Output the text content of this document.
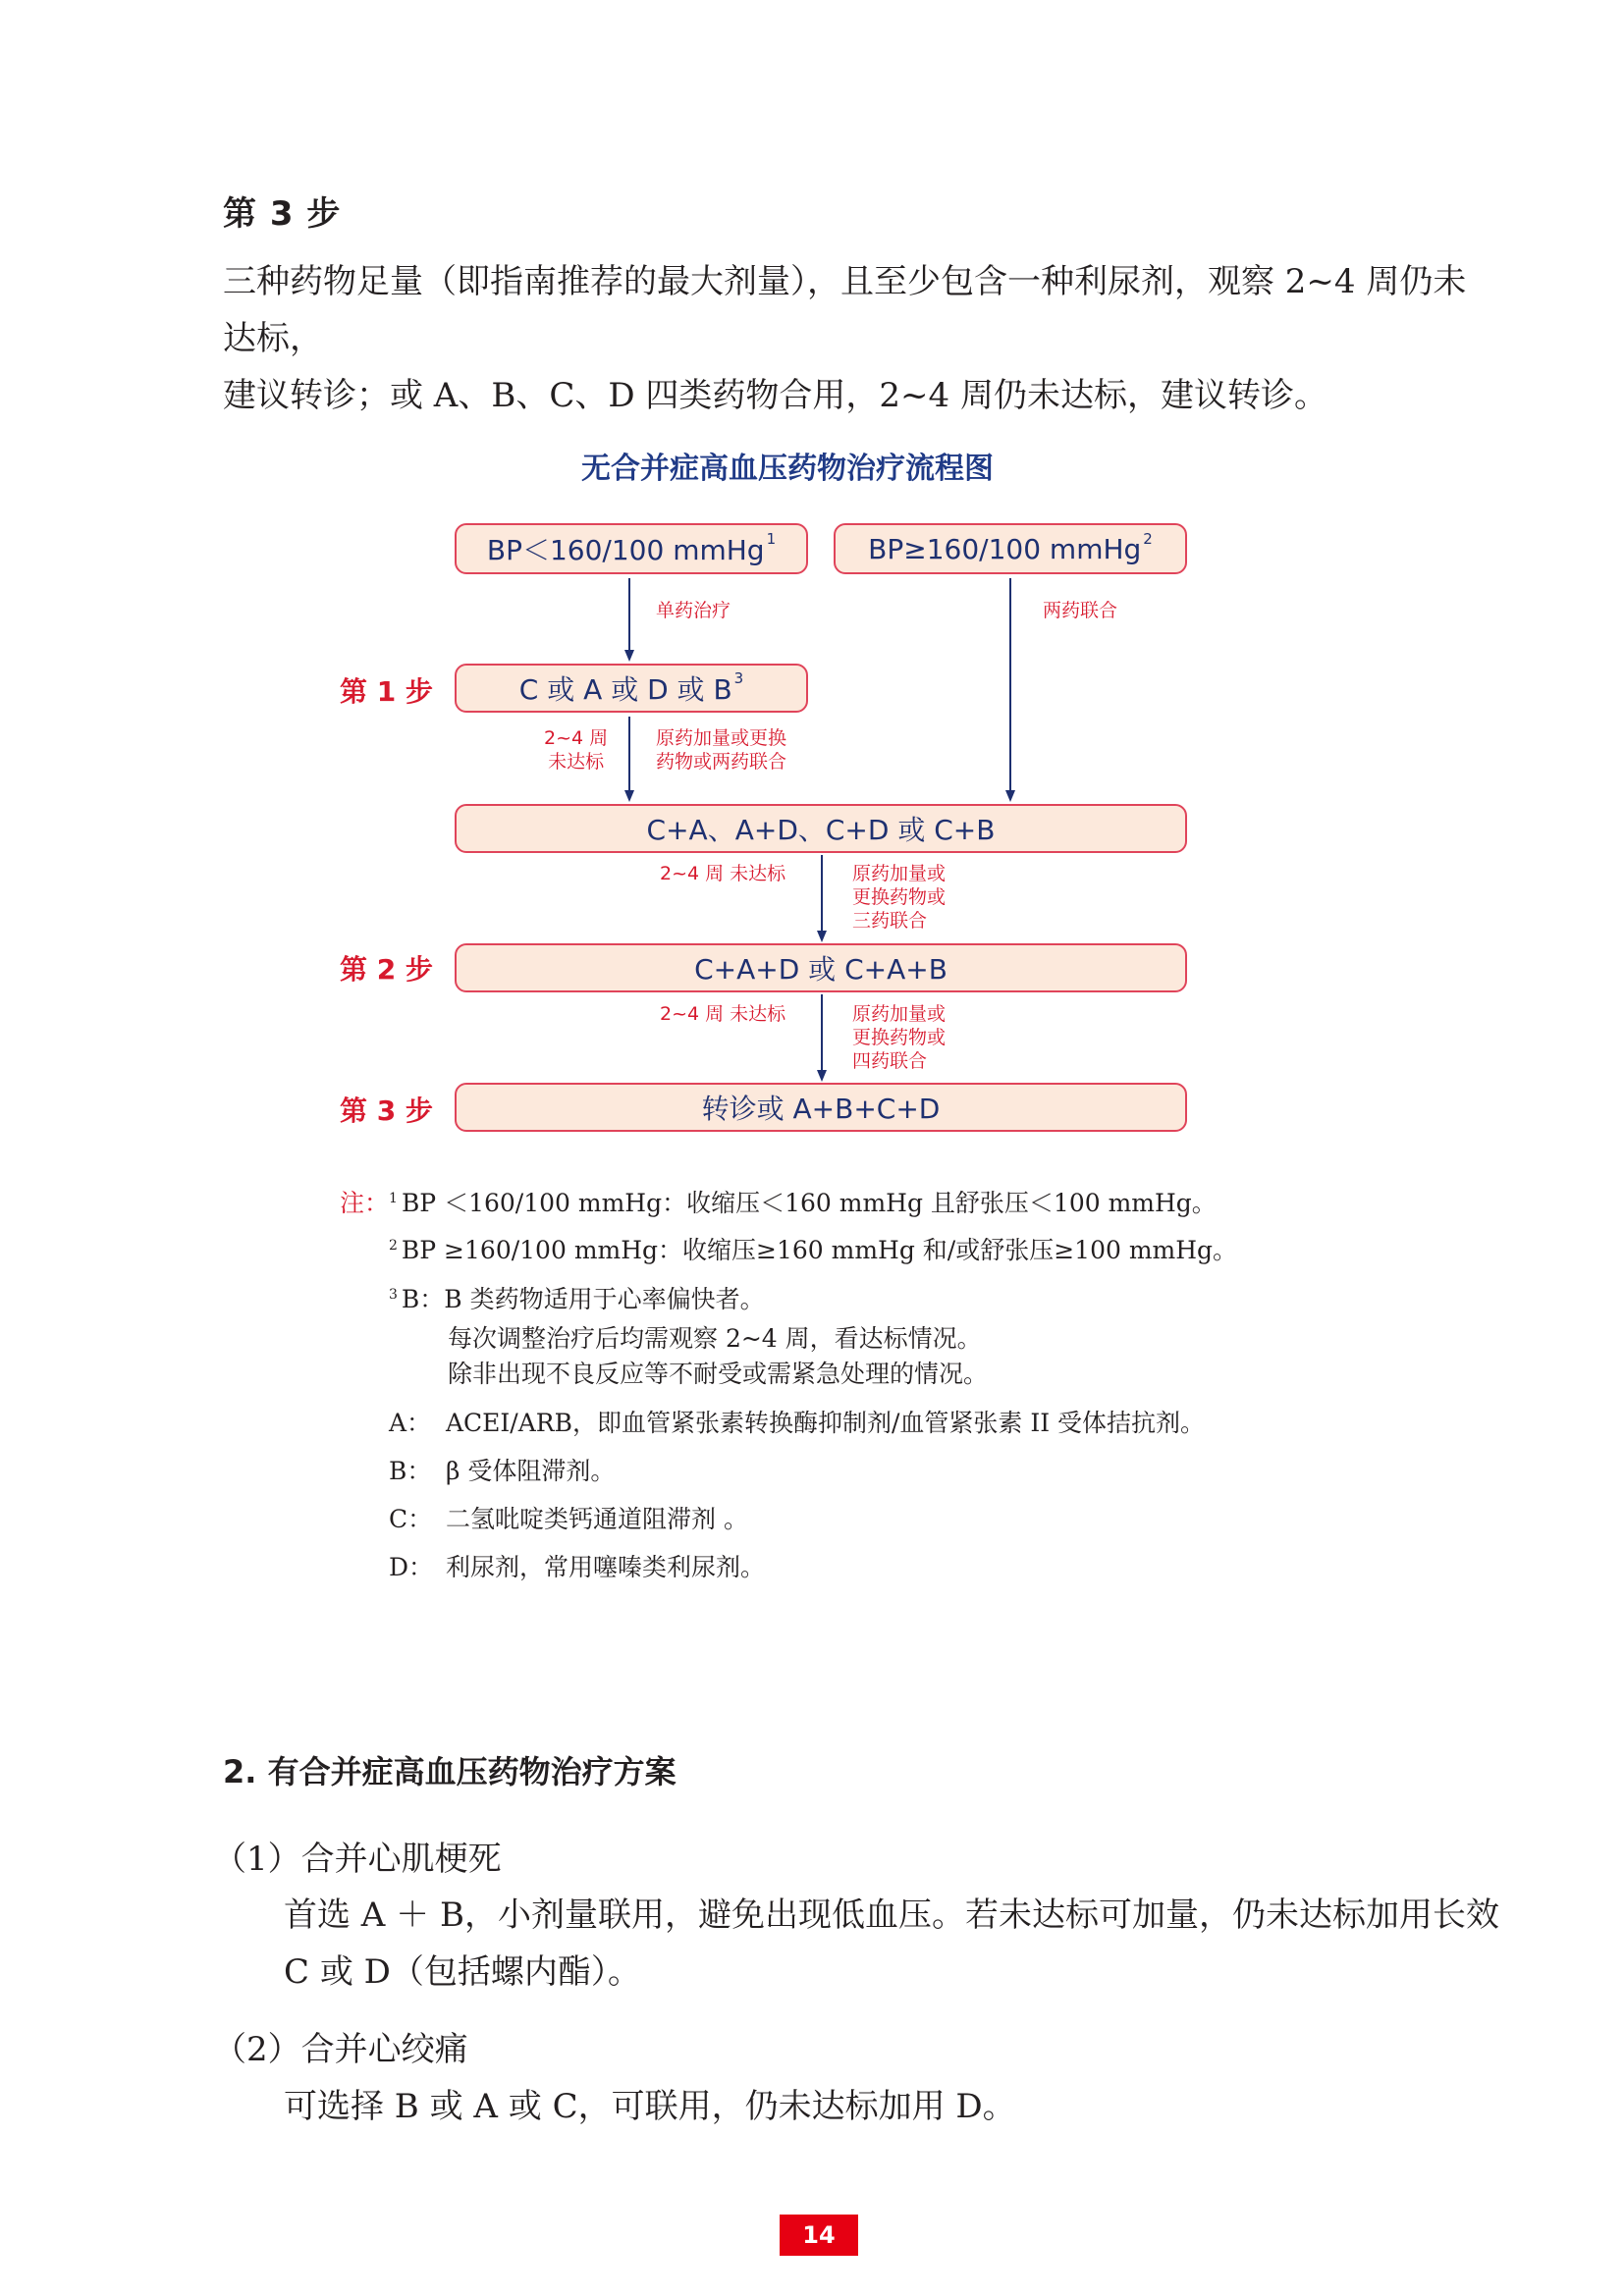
第 3 步
三种药物足量（即指南推荐的最大剂量），且至少包含一种利尿剂，观察 2~4 周仍未达标，
建议转诊；或 A、B、C、D 四类药物合用，2~4 周仍未达标，建议转诊。
无合并症高血压药物治疗流程图
BP＜160/100 mmHg$^1$	BP≥160/100 mmHg$^2$
单药治疗	两药联合
第 1 步	C 或 A 或 D 或 $B^3$
2~4 周
未达标
原药加量或更换
药物或两药联合
C+A、A+D、C+D 或 C+B
2~4 周 未达标	原药加量或
更换药物或
三药联合
第 2 步	C+A+D 或 C+A+B
2~4 周 未达标	原药加量或
更换药物或
四药联合
第 3 步	转诊或 A+B+C+D
注：$^1$ BP ＜160/100 mmHg：收缩压＜160 mmHg 且舒张压＜100 mmHg。
$^2$ BP ≥160/100 mmHg：收缩压≥160 mmHg 和/或舒张压≥100 mmHg。
$^3$ B：B 类药物适用于心率偏快者。
每次调整治疗后均需观察 2~4 周，看达标情况。
除非出现不良反应等不耐受或需紧急处理的情况。
A： ACEI/ARB，即血管紧张素转换酶抑制剂/血管紧张素 II 受体拮抗剂。
B： β 受体阻滞剂。
C： 二氢吡啶类钙通道阻滞剂 。
D： 利尿剂，常用噻嗪类利尿剂。
2. 有合并症高血压药物治疗方案
（1）合并心肌梗死
首选 A ＋ B，小剂量联用，避免出现低血压。若未达标可加量，仍未达标加用长效
C 或 D（包括螺内酯）。
（2）合并心绞痛
可选择 B 或 A 或 C，可联用，仍未达标加用 D。
14
